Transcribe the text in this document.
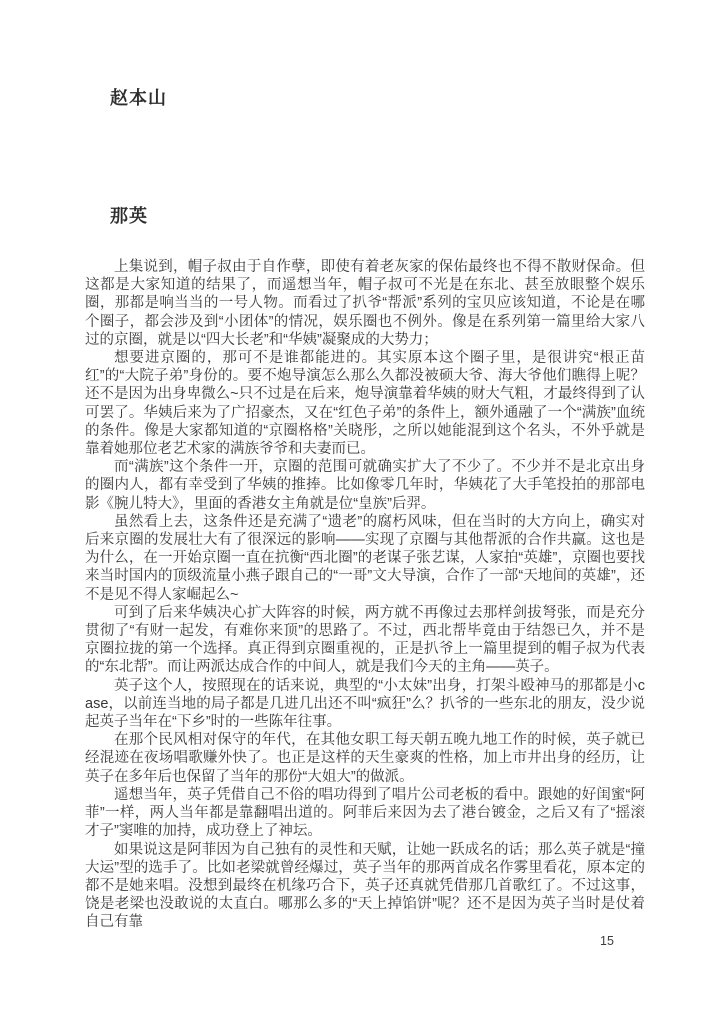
赵本山
那英

上集说到，帽子叔由于自作孽，即使有着老灰家的保佑最终也不得不散财保命。但这都是大家知道的结果了，而遥想当年，帽子叔可不光是在东北、甚至放眼整个娱乐圈，那都是响当当的一号人物。而看过了扒爷“帮派”系列的宝贝应该知道，不论是在哪个圈子，都会涉及到“小团体”的情况，娱乐圈也不例外。像是在系列第一篇里给大家八过的京圈，就是以“四大长老”和“华姨”凝聚成的大势力；

想要进京圈的，那可不是谁都能进的。其实原本这个圈子里，是很讲究“根正苗红”的“大院子弟”身份的。要不炮导演怎么那么久都没被硕大爷、海大爷他们瞧得上呢？还不是因为出身卑微么~只不过是在后来，炮导演靠着华姨的财大气粗，才最终得到了认可罢了。华姨后来为了广招豪杰，又在“红色子弟”的条件上，额外通融了一个“满族”血统的条件。像是大家都知道的“京圈格格”关晓彤，之所以她能混到这个名头，不外乎就是靠着她那位老艺术家的满族爷爷和夫妻而已。

而“满族”这个条件一开，京圈的范围可就确实扩大了不少了。不少并不是北京出身的圈内人，都有幸受到了华姨的推捧。比如像零几年时，华姨花了大手笔投拍的那部电影《腕儿特大》，里面的香港女主角就是位“皇族”后羿。

虽然看上去，这条件还是充满了“遗老”的腐朽风味，但在当时的大方向上，确实对后来京圈的发展壮大有了很深远的影响——实现了京圈与其他帮派的合作共赢。这也是为什么，在一开始京圈一直在抗衡“西北圈”的老谋子张艺谋，人家拍“英雄”，京圈也要找来当时国内的顶级流量小燕子跟自己的“一哥”文大导演，合作了一部“天地间的英雄”，还不是见不得人家崛起么~

可到了后来华姨决心扩大阵容的时候，两方就不再像过去那样剑拔弩张，而是充分贯彻了“有财一起发，有难你来顶”的思路了。不过，西北帮毕竟由于结怨已久，并不是京圈拉拢的第一个选择。真正得到京圈重视的，正是扒爷上一篇里提到的帽子叔为代表的“东北帮”。而让两派达成合作的中间人，就是我们今天的主角——英子。

英子这个人，按照现在的话来说，典型的“小太妹”出身，打架斗殴神马的那都是小case，以前连当地的局子都是几进几出还不叫“疯狂”么？扒爷的一些东北的朋友，没少说起英子当年在“下乡”时的一些陈年往事。

在那个民风相对保守的年代，在其他女职工每天朝五晚九地工作的时候，英子就已经混迹在夜场唱歌赚外快了。也正是这样的天生豪爽的性格，加上市井出身的经历，让英子在多年后也保留了当年的那份“大姐大”的做派。

遥想当年，英子凭借自己不俗的唱功得到了唱片公司老板的看中。跟她的好闺蜜“阿菲”一样，两人当年都是靠翻唱出道的。阿菲后来因为去了港台镀金，之后又有了“摇滚才子”窦唯的加持，成功登上了神坛。

如果说这是阿菲因为自己独有的灵性和天赋，让她一跃成名的话；那么英子就是“撞大运”型的选手了。比如老梁就曾经爆过，英子当年的那两首成名作雾里看花，原本定的都不是她来唱。没想到最终在机缘巧合下，英子还真就凭借那几首歌红了。不过这事，饶是老梁也没敢说的太直白。哪那么多的“天上掉馅饼”呢？还不是因为英子当时是仗着自己有靠

15
